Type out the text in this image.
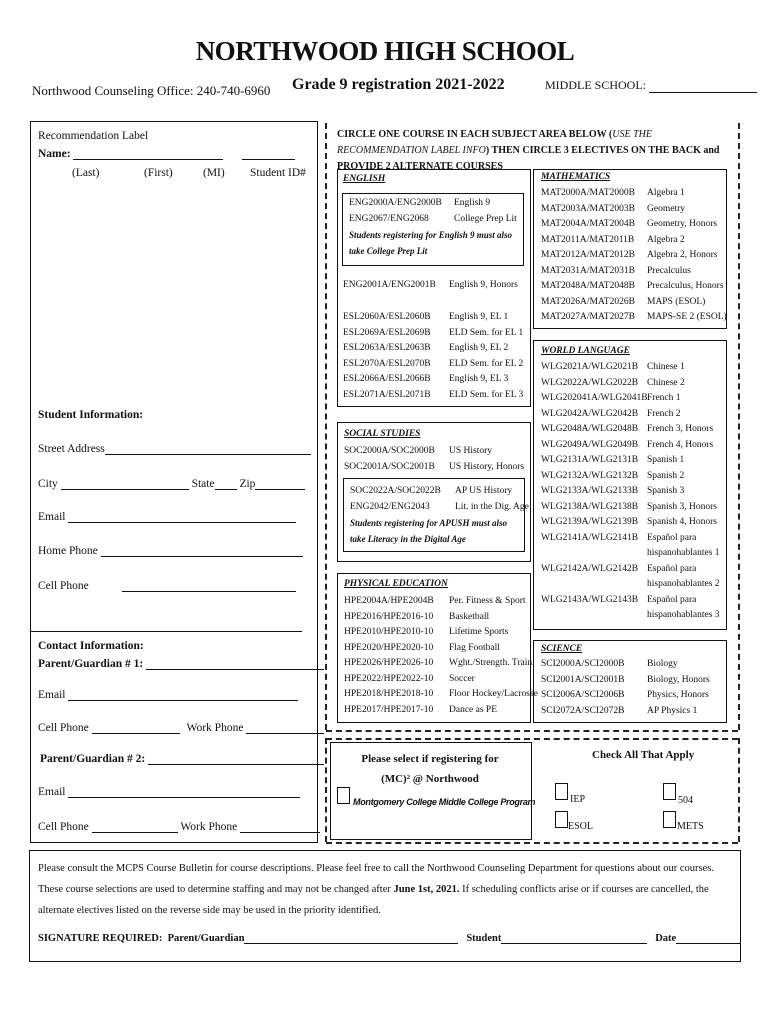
NORTHWOOD HIGH SCHOOL
Northwood Counseling Office: 240-740-6960 Grade 9 registration 2021-2022	MIDDLE SCHOOL:
Recommendation Label
Name:
(Last)	(First)	(MI) Student ID#
Student Information:
Street Address
City	State Zip
Email
Home Phone
Cell Phone
Contact Information:
Parent/Guardian # 1:
Email
Cell Phone	Work Phone
Parent/Guardian # 2:
Email
Cell Phone	Work Phone
CIRCLE ONE COURSE IN EACH SUBJECT AREA BELOW (USE THE RECOMMENDATION LABEL INFO) THEN CIRCLE 3 ELECTIVES ON THE BACK and PROVIDE 2 ALTERNATE COURSES
ENGLISH
ENG2000A/ENG2000B English 9
ENG2067/ENG2068	College Prep Lit
Students registering for English 9 must also take College Prep Lit
ENG2001A/ENG2001B English 9, Honors
ESL2060A/ESL2060B English 9, EL 1
ESL2069A/ESL2069B ELD Sem. for EL 1
ESL2063A/ESL2063B English 9, EL 2
ESL2070A/ESL2070B ELD Sem. for EL 2
ESL2066A/ESL2066B English 9, EL 3
ESL2071A/ESL2071B ELD Sem. for EL 3
SOCIAL STUDIES
SOC2000A/SOC2000B US History
SOC2001A/SOC2001B US History, Honors
SOC2022A/SOC2022B AP US History
ENG2042/ENG2043	Lit. in the Dig. Age
Students registering for APUSH must also take Literacy in the Digital Age
PHYSICAL EDUCATION
HPE2004A/HPE2004B Per. Fitness & Sport
HPE2016/HPE2016-10 Basketball
HPE2010/HPE2010-10 Lifetime Sports
HPE2020/HPE2020-10 Flag Football
HPE2026/HPE2026-10 Wght./Strength. Train.
HPE2022/HPE2022-10 Soccer
HPE2018/HPE2018-10 Floor Hockey/Lacrosse
HPE2017/HPE2017-10 Dance as PE
MATHEMATICS
MAT2000A/MAT2000B Algebra 1
MAT2003A/MAT2003B Geometry
MAT2004A/MAT2004B Geometry, Honors
MAT2011A/MAT2011B Algebra 2
MAT2012A/MAT2012B Algebra 2, Honors
MAT2031A/MAT2031B Precalculus
MAT2048A/MAT2048B Precalculus, Honors
MAT2026A/MAT2026B MAPS (ESOL)
MAT2027A/MAT2027B MAPS-SE 2 (ESOL)
WORLD LANGUAGE
WLG2021A/WLG2021B Chinese 1
WLG2022A/WLG2022B Chinese 2
WLG202041A/WLG2041B French 1
WLG2042A/WLG2042B French 2
WLG2048A/WLG2048B French 3, Honors
WLG2049A/WLG2049B French 4, Honors
WLG2131A/WLG2131B Spanish 1
WLG2132A/WLG2132B Spanish 2
WLG2133A/WLG2133B Spanish 3
WLG2138A/WLG2138B Spanish 3, Honors
WLG2139A/WLG2139B Spanish 4, Honors
WLG2141A/WLG2141B Español para
hispanohablantes 1
WLG2142A/WLG2142B Español para
hispanohablantes 2
WLG2143A/WLG2143B Español para
hispanohablantes 3
SCIENCE
SCI2000A/SCI2000B Biology
SCI2001A/SCI2001B Biology, Honors
SCI2006A/SCI2006B Physics, Honors
SCI2072A/SCI2072B AP Physics 1
Please select if registering for
(MC)² @ Northwood
Montgomery College Middle College Program
Check All That Apply
IEP	504
ESOL	METS
Please consult the MCPS Course Bulletin for course descriptions. Please feel free to call the Northwood Counseling Department for questions about our courses. These course selections are used to determine staffing and may not be changed after June 1st, 2021. If scheduling conflicts arise or if courses are cancelled, the alternate electives listed on the reverse side may be used in the priority identified.
SIGNATURE REQUIRED: Parent/Guardian	Student	Date
